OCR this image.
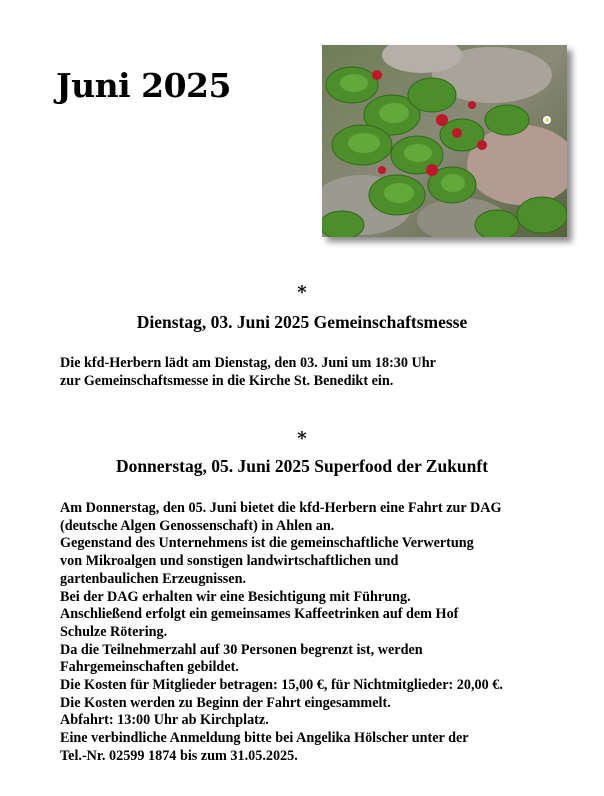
Juni 2025

*

Dienstag, 03. Juni 2025 Gemeinschaftsmesse

Die kfd-Herbern lädt am Dienstag, den 03. Juni um 18:30 Uhr
zur Gemeinschaftsmesse in die Kirche St. Benedikt ein.

*

Donnerstag, 05. Juni 2025 Superfood der Zukunft

Am Donnerstag, den 05. Juni bietet die kfd-Herbern eine Fahrt zur DAG
(deutsche Algen Genossenschaft) in Ahlen an.
Gegenstand des Unternehmens ist die gemeinschaftliche Verwertung
von Mikroalgen und sonstigen landwirtschaftlichen und
gartenbaulichen Erzeugnissen.
Bei der DAG erhalten wir eine Besichtigung mit Führung.
Anschließend erfolgt ein gemeinsames Kaffeetrinken auf dem Hof
Schulze Rötering.
Da die Teilnehmerzahl auf 30 Personen begrenzt ist, werden
Fahrgemeinschaften gebildet.
Die Kosten für Mitglieder betragen: 15,00 €, für Nichtmitglieder: 20,00 €.
Die Kosten werden zu Beginn der Fahrt eingesammelt.
Abfahrt: 13:00 Uhr ab Kirchplatz.
Eine verbindliche Anmeldung bitte bei Angelika Hölscher unter der
Tel.-Nr. 02599 1874 bis zum 31.05.2025.
